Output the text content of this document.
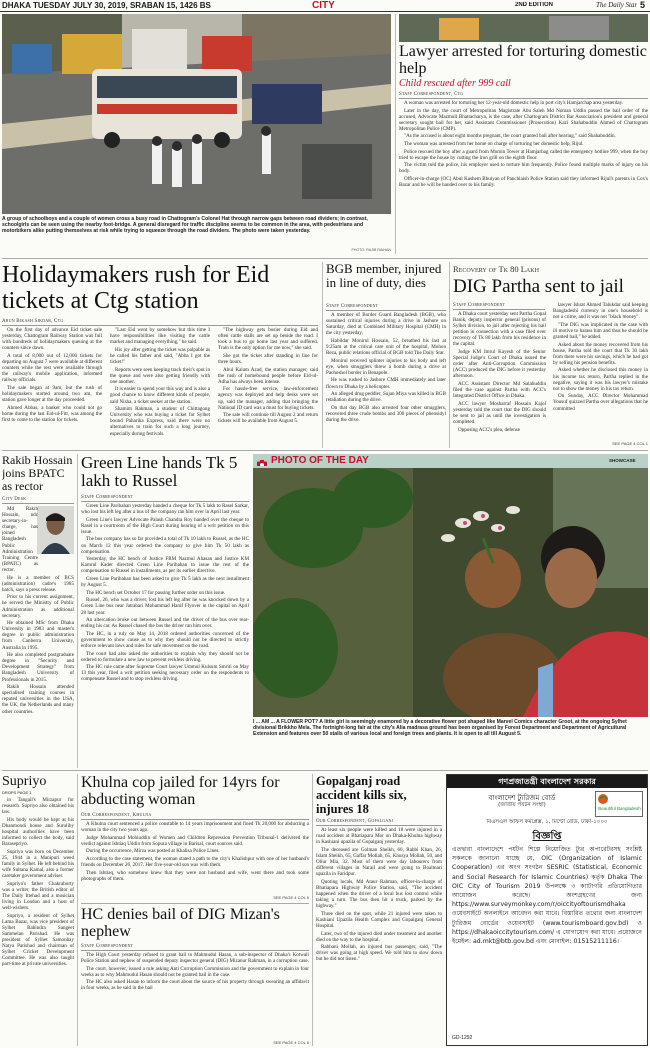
DHAKA TUESDAY JULY 30, 2019, SRABAN 15, 1426 BS	CITY	2ND EDITION	The Daily Star 5
A group of schoolboys and a couple of women cross a busy road in Chattogram's Colonel Hat through narrow gaps between road dividers; in contrast, schoolgirls can be seen using the nearby foot-bridge. A general disregard for traffic discipline seems to be common in the area, with pedestrians and motorbikers alike putting themselves at risk while trying to squeeze through the road dividers. The photo were taken yesterday.
PHOTO: RAJIB RAIHAN
Lawyer arrested for torturing domestic help
Child rescued after 999 call
Staff Correspondent, Ctg

A woman was arrested for torturing her 12-year-old domestic help in port city's Hamjarchap area yesterday.

Later in the day, the court of Metropolitan Magistrate Abu Saleh Md Noman Uddin passed the bail order of the accused, Advocate Mazmull Bhattacharya, is the case, after Chattogram District Bar Association's president and general secretary sought bail for her, said Assistant Commissioner (Prosecution) Kazi Shahabuddin Ahmed of Chattogram Metropolitan Police (CMP).

"As the accused is about eight months pregnant, the court granted bail after hearing," said Shahabuddin.

The woman was arrested from her home on charge of torturing her domestic help, Rijul.

Police rescued the boy after a guard from Momin Tower at Hamjarbag called the emergency hotline 999, when the boy tried to escape the house by cutting the iron grill on the eighth floor.

The victim told the police, his employer used to torture him frequently. Police found multiple marks of injury on his body.

Officer-in-charge (OC) Abul Kashem Bhuiyan of Panchlaish Police Station said they informed Rijul's parents in Cox's Bazar and he will be handed over to his family.

Holidaymakers rush for Eid tickets at Ctg station
Arun Bikash Sikdar, Ctg

On the first day of advance Eid ticket sale yesterday, Chattogram Railway Station was full with hundreds of holidaymakers queuing at the counters since dawn.

A total of 8,000 out of 12,000 tickets for departing on August 7 were available at different counters while the rest were available through the railway's mobile application, informed railway officials.

The sale began at 9am, but the rush of holidaymakers started around two am, the station gave longer at the day proceeded.

Ahmed Abbas, a banker who could not go home during the last Eid-ul-Fitr, was among the first to come to the station for tickets.

"Last Eid went by somehow but this time I have responsibilities like visiting the cattle market and managing everything," he said.

His joy after getting the ticket was palpable as he called his father and said, "Abba I got the ticket!"

Reports were seen keeping track their's spot in the queue and were also getting friendly with one another.

It is easier to spend your this way and is also a good chance to know different kinds of people, said Nisha, a ticket seeker at the station.

Shamim Rahman, a student of Chittagong University who was buying a ticket for Sylhet bound Paharika Express, said there were no alternatives to train for such a long journey, especially during festivals.

"The highway gets busier during Eid and often cattle stalls are set up beside the road. I took a bus to go home last year and suffered. Train is the only option for me now," she said.

She got the ticket after standing in line for three hours.

Abul Kalam Azad, the station manager, said the rush of homebound people before Eid-ul-Adha has always been intense.

For hassle-free service, law-enforcement agency was deployed and help desks were set up, said the manager, adding that bringing the National ID card was a must for buying tickets.

The sale will continue till August 2 and return tickets will be available from August 5.

BGB member, injured in line of duty, dies
Staff Correspondent

A member of Border Guard Bangladesh (BGB), who sustained critical injuries during a drive in Jashore on Saturday, died at Combined Military Hospital (CMH) in the city yesterday.

Habildar Monirul Hossain, 52, breathed his last at 9:25am at the critical care unit of the hospital, Mohon Reza, public relations official of BGB told The Daily Star.

Monirul received splinter injuries to his body and left eye, when smugglers threw a bomb during a drive at Pachoshol border in Benapole.

He was rushed to Jashore CMH immediately and later flown to Dhaka by a helicopter.

An alleged drug peddler, Sujan Miya was killed in BGB retaliation during the drive.

On that day BGB also arrested four other smugglers, recovered three crude bombs and 300 pieces of phensidyl during the drive.

Recovery of Tk 80 Lakh
DIG Partha sent to jail
Staff Correspondent

A Dhaka court yesterday sent Partha Gopal Banik, deputy inspector general (prisons) of Sylhet division, to jail after rejecting his bail petition in connection with a case filed over recovery of Tk 80 lakh from his residence in the capital.

Judge KM Imrul Kayesh of the Senior Special Judge's Court of Dhaka issued the order after Anti-Corruption Commission (ACC) produced the DIG before it yesterday afternoon.

ACC Assistant Director Md Salahuddin filed the case against Partha with ACC's Integrated District Office in Dhaka.

ACC lawyer Mosharraf Hossain Kajol yesterday told the court that the DIG should be sent to jail as until the investigation is completed.

Opposing ACC's plea, defense

lawyer Ishrat Ahmed Talukdar said keeping Bangladeshi currency in one's household is not a crime, and it was not "black money".

"The DIG was implicated in the case with ill motive to harass him and thus he should be granted bail," he added.

Asked about the money recovered from his house, Partha told the court that Tk 30 lakh from there were his savings, which he had got by selling his pension benefits.

Asked whether he disclosed this money in his income tax return, Partha replied in the negative, saying it was his lawyer's mistake not to show the money in his tax return.

On Sunday, ACC Director Mohammad Yousuf quizzed Partha over allegations that he committed

SEE PAGE 4 COL 1
Rakib Hossain joins BPATC as rector
City Desk

Md Rakib Hossain, ndc secretary-in-charge, has joined Bangladesh Public Administration Training Centre (BPATC) as rector.

He is a member of BCS (administration) cadre's 1985 batch, says a press release.

Prior to his current assignment, he served the Ministry of Public Administration as additional secretary.

He obtained MSc from Dhaka University in 1983 and master's degree in public administration from Canberra University, Australia in 1995.

He also completed postgraduate degree in "Security and Development Strategy" from Bangladesh University of Professionals in 2015.

Rakib Hossain attended specialised training courses in reputed universities in the USA, the UK, the Netherlands and many other countries.

Green Line hands Tk 5 lakh to Russel
Staff Correspondent

Green Line Paribahan yesterday handed a cheque for Tk 5 lakh to Rasel Sarkar, who lost his left leg after a bus of the company ran him over in April last year.

Green Line's lawyer Advocate Palash Chandra Roy handed over the cheque to Rasel in a courtroom of the High Court during hearing of a writ petition on this issue.

The bus company has so far provided a total of Tk 10 lakh to Russel, as the HC on March 12 this year ordered the company to give him Tk 50 lakh as compensation.

Yesterday, the HC bench of Justice FRM Nazmul Ahasan and Justice KM Kamrul Kader directed Green Line Paribahan to issue the rest of the compensation to Russel in installments, as per its earlier directive.

Green Line Paribahan has been asked to give Tk 5 lakh as the next installment by August 5.

The HC bench set October 17 for passing further order on this issue.

Russel, 26, who was a driver, lost his left leg after he was knocked down by a Green Line bus near Jatrabari Mohammad Hanif Flyover in the capital on April 28 last year.

An altercation broke out between Russel and the driver of the bus over rear-ending his car. As Russel chased the bus the driver ran him over.

The HC, in a ruly on May 14, 2018 ordered authorities concerned of the government to show cause as to why they should not be directed to strictly enforce relevant laws and rules for safe movement on the road.

The court had also asked the authorities to explain why they should not be ordered to formulate a new law to prevent reckless driving.

The HC rule came after Supreme Court lawyer Ummul Kulsum Smriti on May 13 this year, filed a writ petition seeking necessary order on the respondents to compensate Russel and to stop reckless driving.

PHOTO OF THE DAY	SHOWCASE
I ... AM ... A FLOWER POT? A little girl is seemingly enamored by a decorative flower pot shaped like Marvel Comics character Groot, at the ongoing Sylhet divisional Brikkho Mela. The fortnight-long fair at the city's Alia madrasa ground has been organised by Forest Department and Department of Agricultural Extension and features over 50 stalls of various local and foreign trees and plants. It is open to all till August 5.
Supriyo
DROPS PAGE 1

in Tangail's Mirzapur for research. Supriyo also obtained his law.

His body would be kept at his Dhanmondi house and Suruliby hospital authorities have been informed to collect the body, said Barasepriyo.

Supriyo was born on December 25, 1944 in a Manipuri weed family in Sylhet. He left behind his wife Sultana Kamal, also a former caretaker government adviser.

Supriyo's father Chakraborty was a writer, the British editor of The Daily Ittehad and a musician living in London and a host of well-wishers.

Supriyo, a resident of Sylhet Lama Bazar, was vice president of Sylhet Rabindra Sangeet Sammelan Parishad. He was president of Sylhet Samonbay Natya Parishad and chairman of Sylhet Cricket Development Committee. He was also taught part-time at private universities.

Khulna cop jailed for 14yrs for abducting woman
Our Correspondent, Khulna

A Khulna court sentenced a police constable to 14 years imprisonment and fined Tk 20,000 for abducting a woman in the city two years ago.

Judge Mohammad Mohiuddin of Women and Children Repression Prevention Tribunal-1 delivered the verdict against Ishtiaq Uddin from Sopura village in Barisal, court sources said.

During the occurrence, Mirza was posted at Khalisa Police Lines.

According to the case statement, the woman stated a path to the city's Khalishpur with one of her husband's friends on December 26, 2017. Her five-year-old son was with them.

Then Ishtiaq, who somehow knew that they were not husband and wife, went there and took some photographs of them.

SEE PAGE 4 COL 5
HC denies bail of DIG Mizan's nephew
Staff Correspondent

The High Court yesterday refused to grant bail to Mahmudul Hasan, a sub-inspector of Dhaka's Kotwali Police Station and nephew of suspended deputy inspector general (DIG) Mizanur Rahman, in a corruption case.

The court, however, issued a rule asking Anti Corruption Commission and the government to explain in four weeks as to why Mahmudul Hasan should not be granted bail in the case.

The HC also asked Hasan to inform the court about the source of his property through swearing an affidavit in four weeks, as he said in the bail

SEE PAGE 4 COL 6
Gopalganj road accident kills six, injures 18
Our Correspondent, Gopalganj

At least six people were killed and 18 were injured in a road accident at Bhatiapara Mor on Dhaka-Khulna highway in Kashiani upazila of Gopalganj yesterday.

The deceased are Golman Sheikh, 60, Rabbi Khan, 26, Islam Sheikh, 65, Gaffar Mollah, 65, Khusya Mollah, 50, and Oliur Mia, 32. Most of them were day labourers from different villages in Narail and were going to Boalmari upazila in Faridpur.

Quoting locals, Md Ataur Rahman, officer-in-charge of Bhatiapara Highway Police Station, said, "The accident happened when the driver of a local bus lost control while taking a turn. The bus then hit a truck, parked by the highway."

Three died on the spot, while 21 injured were taken to Kashiani Upazila Health Complex and Gopalganj General Hospital.

Later, two of the injured died under treatment and another died on the way to the hospital.

Rabbani Mollah, an injured bus passenger, said, "The driver was going at high speed. We told him to slow down but he did not listen."

গণপ্রজাতন্ত্রী বাংলাদেশ সরকার
Beautiful Bangladesh
বাংলাদেশ ট্যুরিজম বোর্ড
(জাতীয় পর্যটন সংস্থা)
বিএসএল অফিস কমপ্লেক্স, ১, মিন্টো রোড, ঢাকা-১০০০
বিজ্ঞপ্তি
এতদ্বারা বাংলাদেশে পর্যটন শিল্পে নিয়োজিত ট্যুর অপারেটরসহ সংশ্লিষ্ট সকলকে জানানো যাচ্ছে যে, OIC (Organization of Islamic Cooperation) এর অংগ সংগঠন SESRIC (Statistical, Economic and Social Research for Islamic Countries) কর্তৃক Dhaka The OIC City of Tourism 2019 উপলক্ষে ৩ ক্যাটাগরি প্রতিযোগিতার আয়োজন করেছে। অংশগ্রহণের জন্য https://www.surveymonkey.com/r/oiccityoftourismdhaka ওয়েবসাইটে অনলাইনে আবেদন করা যাবে। বিস্তারিত তথ্যের জন্য বাংলাদেশ ট্যুরিজম বোর্ডের ওয়েবসাইট (www.tourismboard.gov.bd) ও https://dhakaoiccitytourism.com/ এ যোগাযোগ করা যাবে। প্রয়োজনে ইমেইল: ad.mkt@btb.gov.bd এবং মোবাইল: 01515211116।
GD-1292
